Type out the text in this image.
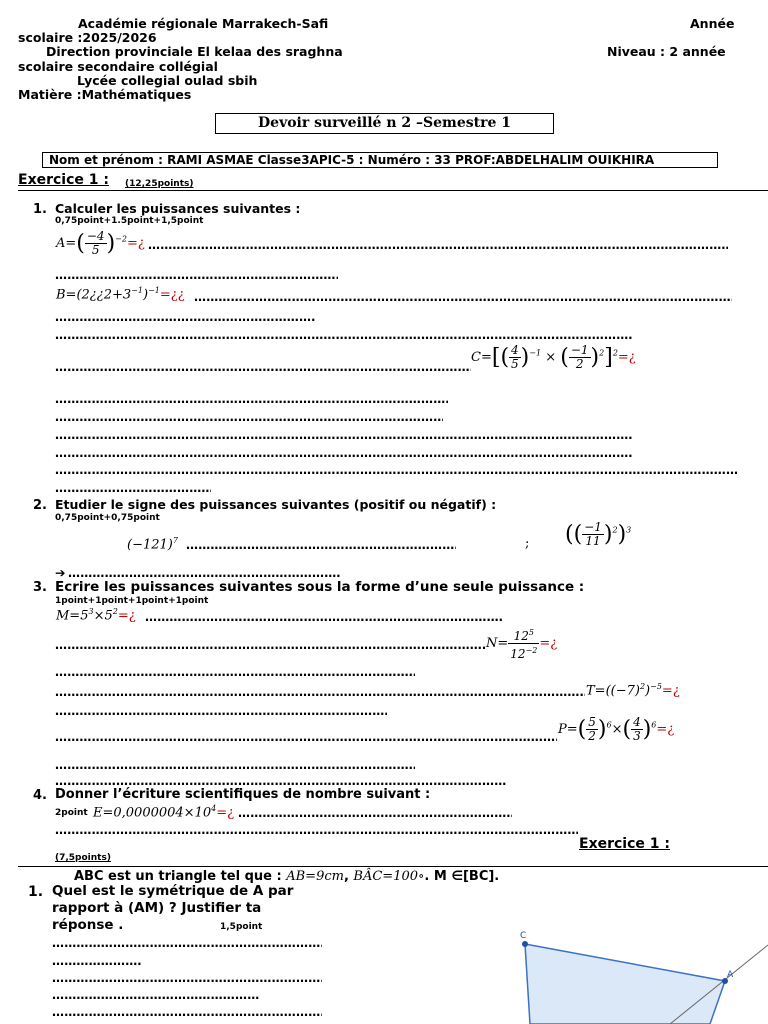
Académie régionale Marrakech-Safi	Année
scolaire :2025/2026
Direction provinciale El kelaa des sraghna	Niveau : 2 année
scolaire secondaire collégial
Lycée collegial oulad sbih
Matière :Mathématiques
Devoir surveillé n 2 –Semestre 1
Nom et prénom : RAMI ASMAE Classe3APIC-5 : Numéro : 33 PROF:ABDELHALIM OUIKHIRA
Exercice 1 : (12,25points)
1. Calculer les puissances suivantes :
0,75point+1.5point+1,5point
$A=( \frac{-4}{5}$ )$^{-2}=¿$
………………………………………………………………………………………………………………………………………………………………………………………………………………………………………………
………………………………………………………………………………………………………………………………………………………………………………………………………………………………………………
$B=(2¿¿2+3^{-1})^{-1}=¿¿$
………………………………………………………………………………………………………………………………………………………………………………………………………………………………………………
………………………………………………………………………………………………………………………………………………………………………………………………………………………………………………
………………………………………………………………………………………………………………………………………………………………………………………………………………………………………………
………………………………………………………………………………………………………………………………………………………………………………………………………………………………………………
$C=[( \frac{4}{5} )^{-1}$ × ( $\frac{-1}{2}$ )$^2$]$^2$=¿
………………………………………………………………………………………………………………………………………………………………………………………………………………………………………………
………………………………………………………………………………………………………………………………………………………………………………………………………………………………………………
………………………………………………………………………………………………………………………………………………………………………………………………………………………………………………
………………………………………………………………………………………………………………………………………………………………………………………………………………………………………………
………………………………………………………………………………………………………………………………………………………………………………………………………………………………………………
………………………………………………………………………………………………………………………………………………………………………………………………………………………………………………
2. Etudier le signe des puissances suivantes (positif ou négatif) :
0,75point+0,75point
$(-121)^7$
………………………………………………………………………………………………………………………………………………………………………………………………………………………………………………	; (( $\frac{-1}{11} )^2)^3$
➔
………………………………………………………………………………………………………………………………………………………………………………………………………………………………………………
3. Ecrire les puissances suivantes sous la forme d’une seule puissance :
1point+1point+1point+1point
$M=5^3\times 5^2=¿$
………………………………………………………………………………………………………………………………………………………………………………………………………………………………………………
………………………………………………………………………………………………………………………………………………………………………………………………………………………………………………
$N= \frac{12^5}{12^{-2}}$ =¿
………………………………………………………………………………………………………………………………………………………………………………………………………………………………………………
………………………………………………………………………………………………………………………………………………………………………………………………………………………………………………
$T=((-7)^2)^{-5}=¿$
………………………………………………………………………………………………………………………………………………………………………………………………………………………………………………
………………………………………………………………………………………………………………………………………………………………………………………………………………………………………………
$P=( \frac{5}{2} )^6\times( \frac{4}{3}$ )$^6=¿$
………………………………………………………………………………………………………………………………………………………………………………………………………………………………………………
………………………………………………………………………………………………………………………………………………………………………………………………………………………………………………
4. Donner l’écriture scientifiques de nombre suivant :
2point $E=0,0000004\times 10^4=¿$
………………………………………………………………………………………………………………………………………………………………………………………………………………………………………………
………………………………………………………………………………………………………………………………………………………………………………………………………………………………………………
Exercice 1 :
(7,5points)
ABC est un triangle tel que : AB=9cm, BÂC=100∘. M ∈[BC].
1. Quel est le symétrique de A par
rapport à (AM) ? Justifier ta
réponse .	1,5point
………………………………………………………………………………………………………………………………………………………………………………………………………………………………………………
………………………………………………………………………………………………………………………………………………………………………………………………………………………………………………
………………………………………………………………………………………………………………………………………………………………………………………………………………………………………………
………………………………………………………………………………………………………………………………………………………………………………………………………………………………………………
………………………………………………………………………………………………………………………………………………………………………………………………………………………………………………
C
A
